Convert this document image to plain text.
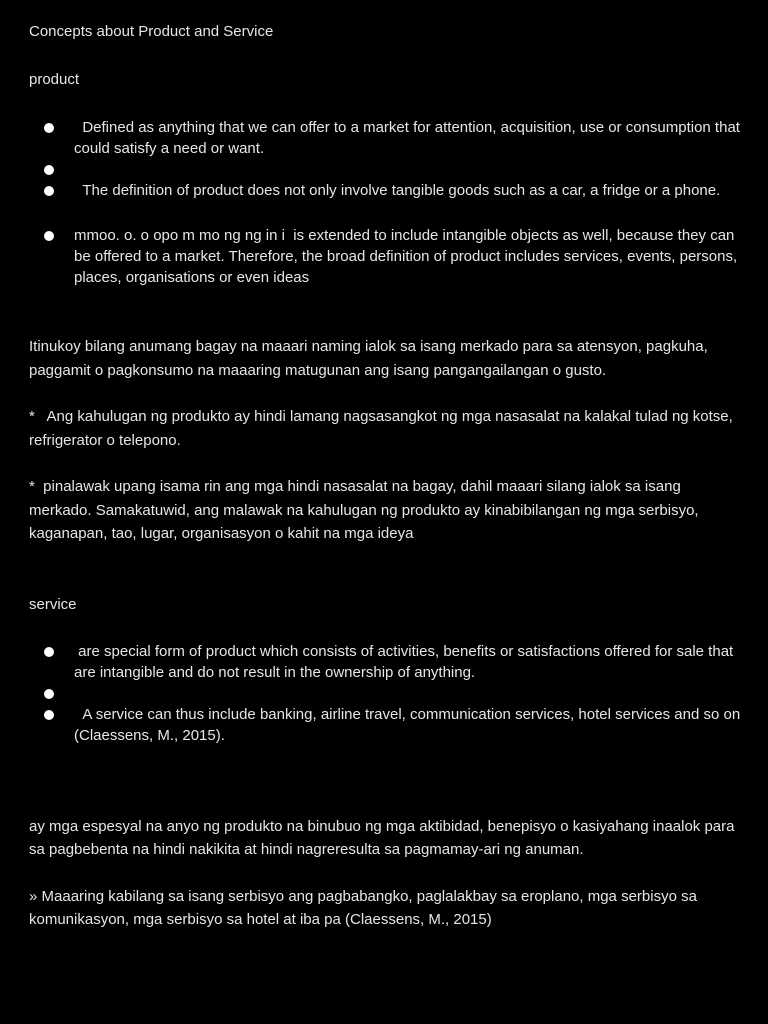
Concepts about Product and Service

product

Defined as anything that we can offer to a market for attention, acquisition, use or consumption that could satisfy a need or want.
The definition of product does not only involve tangible goods such as a car, a fridge or a phone.
mmoo. o. o opo m mo ng ng in i  is extended to include intangible objects as well, because they can be offered to a market. Therefore, the broad definition of product includes services, events, persons, places, organisations or even ideas

Itinukoy bilang anumang bagay na maaari naming ialok sa isang merkado para sa atensyon, pagkuha, paggamit o pagkonsumo na maaaring matugunan ang isang pangangailangan o gusto.

*   Ang kahulugan ng produkto ay hindi lamang nagsasangkot ng mga nasasalat na kalakal tulad ng kotse, refrigerator o telepono.

*  pinalawak upang isama rin ang mga hindi nasasalat na bagay, dahil maaari silang ialok sa isang merkado. Samakatuwid, ang malawak na kahulugan ng produkto ay kinabibilangan ng mga serbisyo, kaganapan, tao, lugar, organisasyon o kahit na mga ideya

service

are special form of product which consists of activities, benefits or satisfactions offered for sale that are intangible and do not result in the ownership of anything.
A service can thus include banking, airline travel, communication services, hotel services and so on (Claessens, M., 2015).

ay mga espesyal na anyo ng produkto na binubuo ng mga aktibidad, benepisyo o kasiyahang inaalok para sa pagbebenta na hindi nakikita at hindi nagreresulta sa pagmamay-ari ng anuman.

» Maaaring kabilang sa isang serbisyo ang pagbabangko, paglalakbay sa eroplano, mga serbisyo sa komunikasyon, mga serbisyo sa hotel at iba pa (Claessens, M., 2015)
